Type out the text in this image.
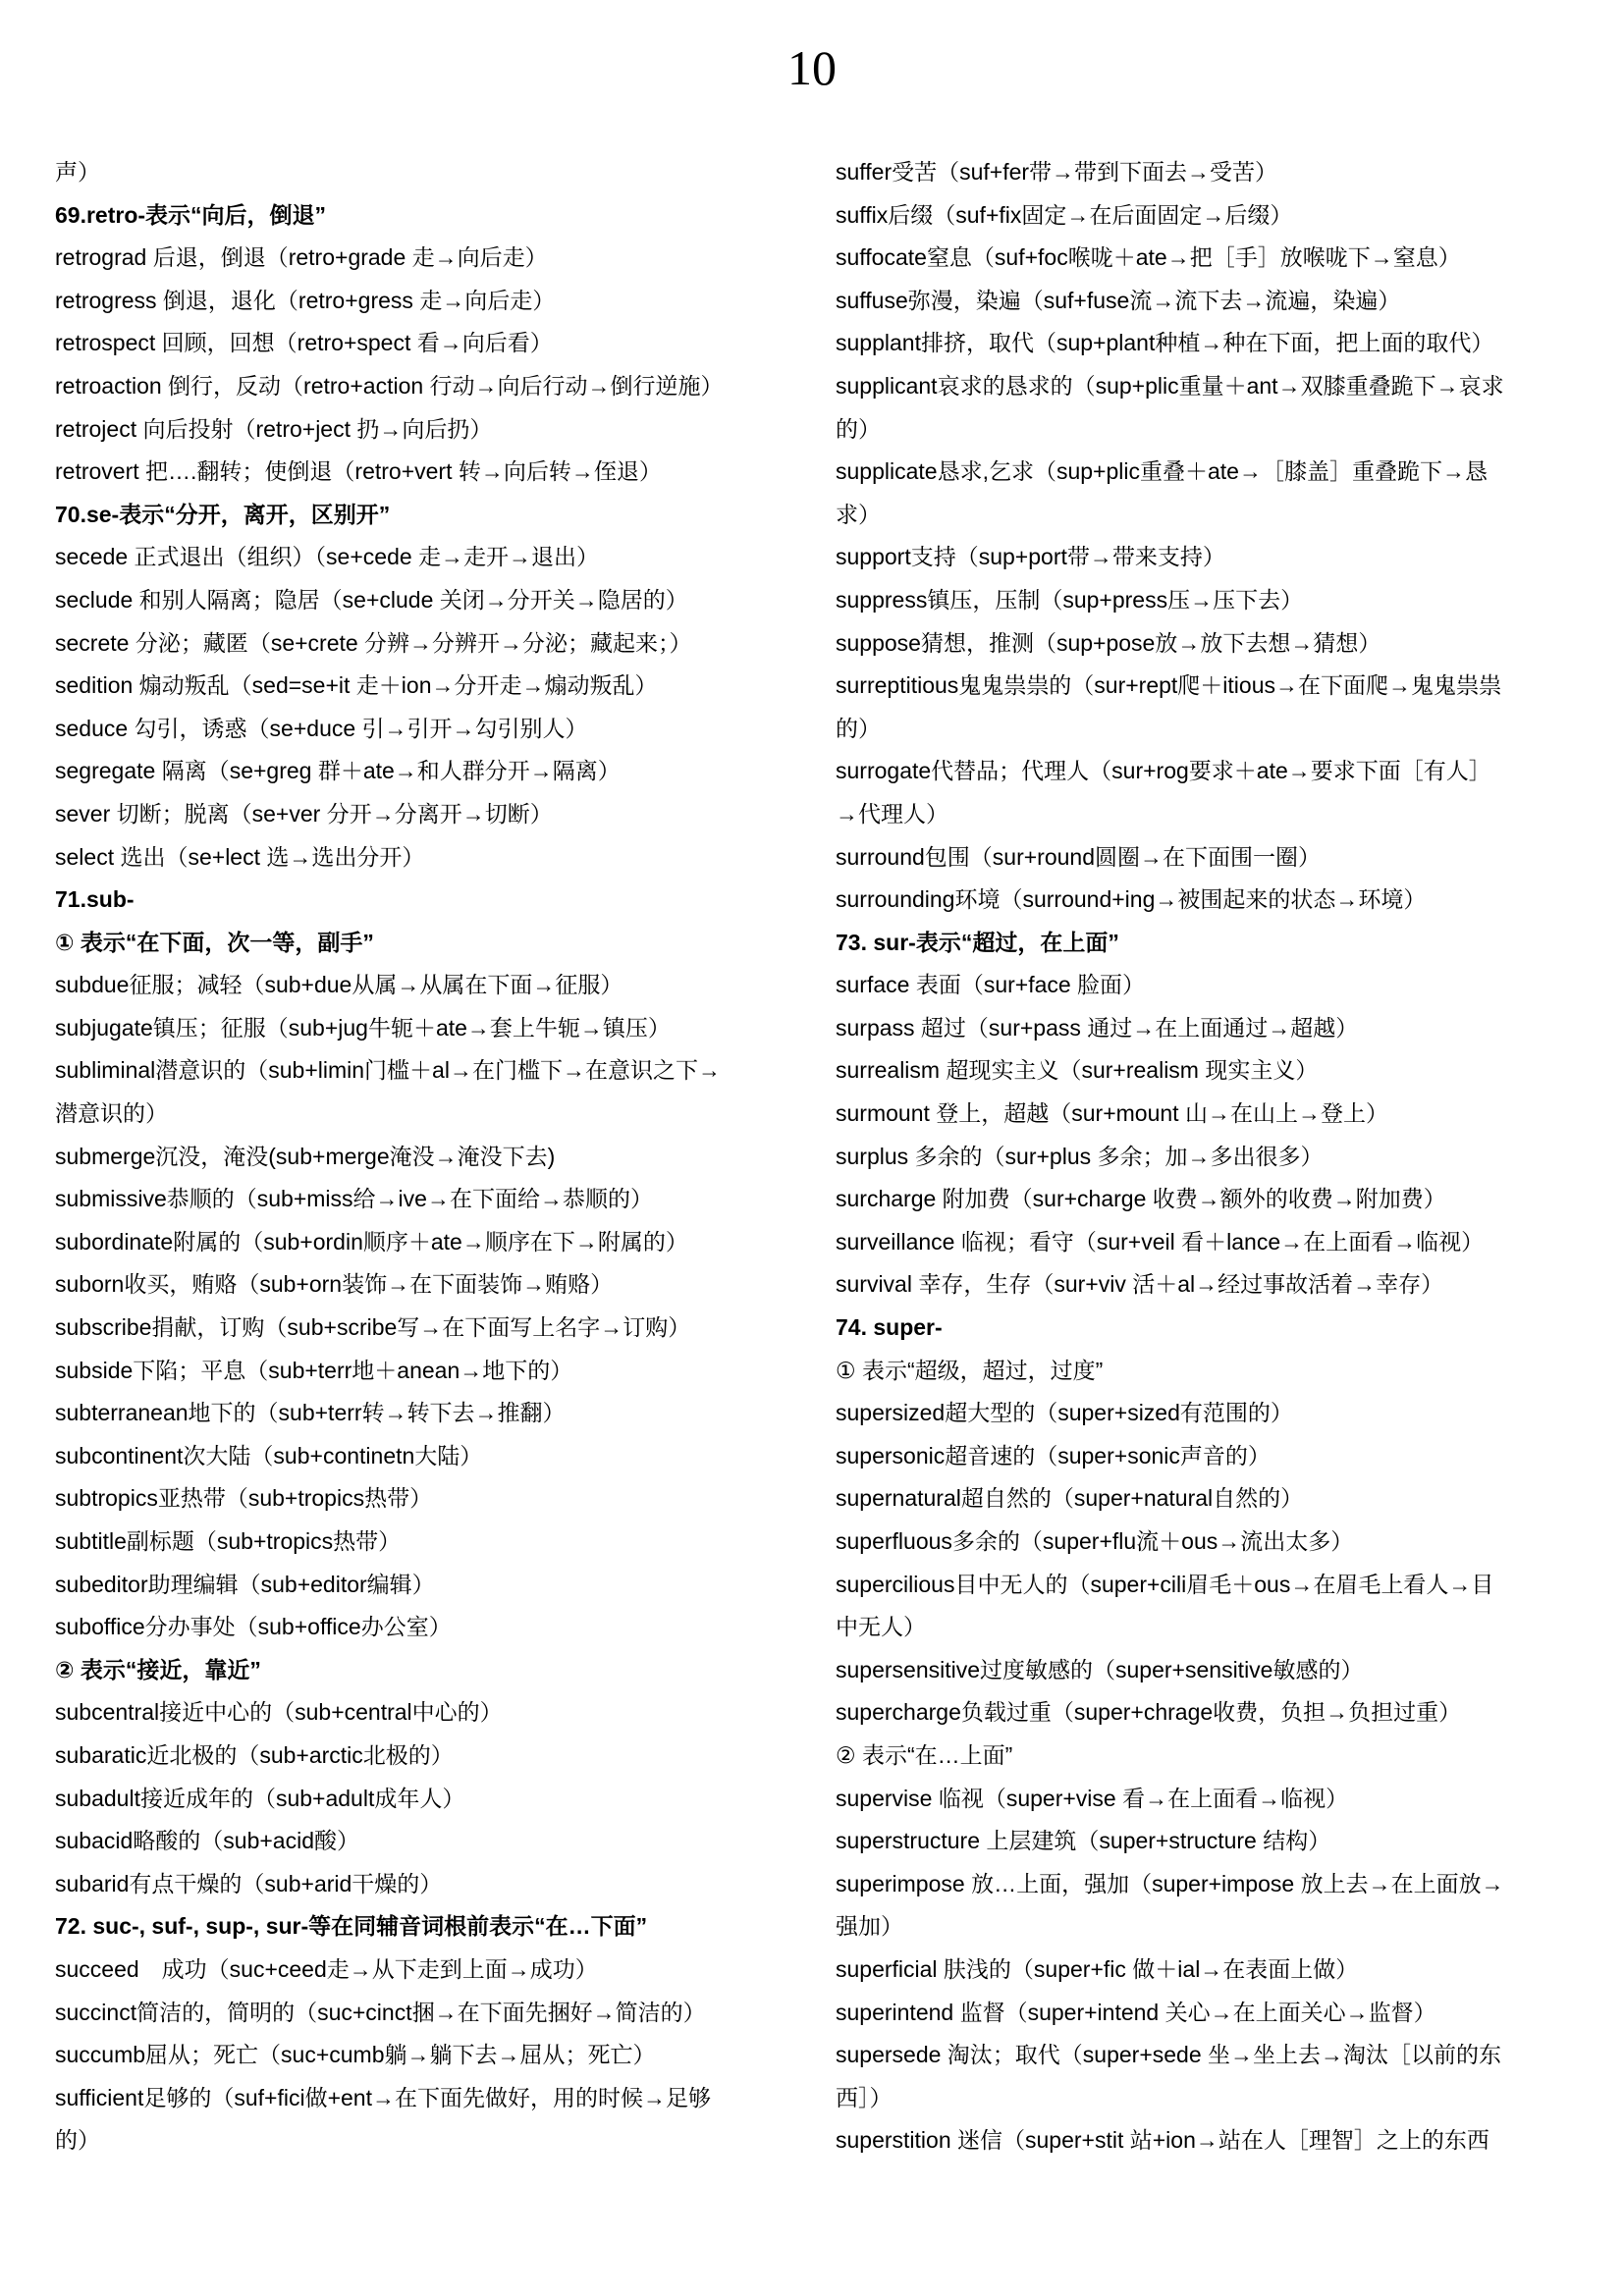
10
声）
69.retro-表示“向后，倒退”
retrograd 后退，倒退（retro+grade 走→向后走）
retrogress 倒退，退化（retro+gress 走→向后走）
retrospect 回顾，回想（retro+spect 看→向后看）
retroaction 倒行，反动（retro+action 行动→向后行动→倒行逆施）
retroject 向后投射（retro+ject 扔→向后扔）
retrovert 把….翻转；使倒退（retro+vert 转→向后转→侄退）
70.se-表示“分开，离开，区别开”
secede 正式退出（组织）（se+cede 走→走开→退出）
seclude 和别人隔离；隐居（se+clude 关闭→分开关→隐居的）
secrete 分泌；藏匿（se+crete 分辨→分辨开→分泌；藏起来；）
sedition 煽动叛乱（sed=se+it 走＋ion→分开走→煽动叛乱）
seduce 勾引，诱惑（se+duce 引→引开→勾引别人）
segregate 隔离（se+greg 群＋ate→和人群分开→隔离）
sever 切断；脱离（se+ver 分开→分离开→切断）
select 选出（se+lect 选→选出分开）
71.sub-
① 表示“在下面，次一等，副手”
subdue征服；减轻（sub+due从属→从属在下面→征服）
subjugate镇压；征服（sub+jug牛轭＋ate→套上牛轭→镇压）
subliminal潜意识的（sub+limin门槛＋al→在门槛下→在意识之下→
潜意识的）
submerge沉没，淹没(sub+merge淹没→淹没下去)
submissive恭顺的（sub+miss给→ive→在下面给→恭顺的）
subordinate附属的（sub+ordin顺序＋ate→顺序在下→附属的）
suborn收买，贿赂（sub+orn装饰→在下面装饰→贿赂）
subscribe捐献，订购（sub+scribe写→在下面写上名字→订购）
subside下陷；平息（sub+terr地＋anean→地下的）
subterranean地下的（sub+terr转→转下去→推翻）
subcontinent次大陆（sub+continetn大陆）
subtropics亚热带（sub+tropics热带）
subtitle副标题（sub+tropics热带）
subeditor助理编辑（sub+editor编辑）
suboffice分办事处（sub+office办公室）
② 表示“接近，靠近”
subcentral接近中心的（sub+central中心的）
subaratic近北极的（sub+arctic北极的）
subadult接近成年的（sub+adult成年人）
subacid略酸的（sub+acid酸）
subarid有点干燥的（sub+arid干燥的）
72. suc-, suf-, sup-, sur-等在同辅音词根前表示“在…下面”
succeed　成功（suc+ceed走→从下走到上面→成功）
succinct简洁的，简明的（suc+cinct捆→在下面先捆好→简洁的）
succumb屈从；死亡（suc+cumb躺→躺下去→屈从；死亡）
sufficient足够的（suf+fici做+ent→在下面先做好，用的时候→足够
的）
suffer受苦（suf+fer带→带到下面去→受苦）
suffix后缀（suf+fix固定→在后面固定→后缀）
suffocate窒息（suf+foc喉咙＋ate→把［手］放喉咙下→窒息）
suffuse弥漫，染遍（suf+fuse流→流下去→流遍，染遍）
supplant排挤，取代（sup+plant种植→种在下面，把上面的取代）
supplicant哀求的恳求的（sup+plic重量＋ant→双膝重叠跪下→哀求
的）
supplicate恳求,乞求（sup+plic重叠＋ate→［膝盖］重叠跪下→恳
求）
support支持（sup+port带→带来支持）
suppress镇压，压制（sup+press压→压下去）
suppose猜想，推测（sup+pose放→放下去想→猜想）
surreptitious鬼鬼祟祟的（sur+rept爬＋itious→在下面爬→鬼鬼祟祟
的）
surrogate代替品；代理人（sur+rog要求＋ate→要求下面［有人］
→代理人）
surround包围（sur+round圆圈→在下面围一圈）
surrounding环境（surround+ing→被围起来的状态→环境）
73. sur-表示“超过，在上面”
surface 表面（sur+face 脸面）
surpass 超过（sur+pass 通过→在上面通过→超越）
surrealism 超现实主义（sur+realism 现实主义）
surmount 登上，超越（sur+mount 山→在山上→登上）
surplus 多余的（sur+plus 多余；加→多出很多）
surcharge 附加费（sur+charge 收费→额外的收费→附加费）
surveillance 临视；看守（sur+veil 看＋lance→在上面看→临视）
survival 幸存，生存（sur+viv 活＋al→经过事故活着→幸存）
74. super-
① 表示“超级，超过，过度”
supersized超大型的（super+sized有范围的）
supersonic超音速的（super+sonic声音的）
supernatural超自然的（super+natural自然的）
superfluous多余的（super+flu流＋ous→流出太多）
supercilious目中无人的（super+cili眉毛＋ous→在眉毛上看人→目
中无人）
supersensitive过度敏感的（super+sensitive敏感的）
supercharge负载过重（super+chrage收费，负担→负担过重）
② 表示“在…上面”
supervise 临视（super+vise 看→在上面看→临视）
superstructure 上层建筑（super+structure 结构）
superimpose 放…上面，强加（super+impose 放上去→在上面放→
强加）
superficial 肤浅的（super+fic 做＋ial→在表面上做）
superintend 监督（super+intend 关心→在上面关心→监督）
supersede 淘汰；取代（super+sede 坐→坐上去→淘汰［以前的东
西］）
superstition 迷信（super+stit 站+ion→站在人［理智］之上的东西
